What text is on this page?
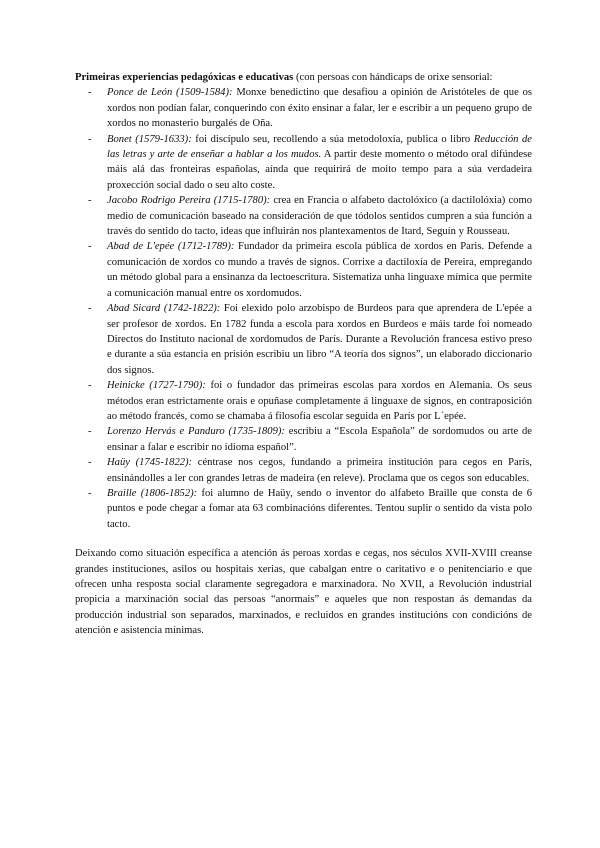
Primeiras experiencias pedagóxicas e educativas (con persoas con hándicaps de orixe sensorial:

- Ponce de León (1509-1584): Monxe benedictino que desafiou a opinión de Aristóteles de que os xordos non podían falar, conquerindo con éxito ensinar a falar, ler e escribir a un pequeno grupo de xordos no monasterio burgalés de Oña.
- Bonet (1579-1633): foi discípulo seu, recollendo a súa metodoloxía, publica o libro Reducción de las letras y arte de enseñar a hablar a los mudos. A partir deste momento o método oral difúndese máis alá das fronteiras españolas, aínda que requirirá de moito tempo para a súa verdadeira proxección social dado o seu alto coste.
- Jacobo Rodrigo Pereira (1715-1780): crea en Francia o alfabeto dactolóxico (a dactilolóxia) como medio de comunicación baseado na consideración de que tódolos sentidos cumpren a súa función a través do sentido do tacto, ideas que influirán nos plantexamentos de Itard, Seguín y Rousseau.
- Abad de L'epée (1712-1789): Fundador da primeira escola pública de xordos en Paris. Defende a comunicación de xordos co mundo a través de signos. Corrixe a dactiloxía de Pereira, empregando un método global para a ensinanza da lectoescritura. Sistematiza unha linguaxe mímica que permite a comunicación manual entre os xordomudos.
- Abad Sicard (1742-1822): Foi elexido polo arzobispo de Burdeos para que aprendera de L'epée a ser profesor de xordos. En 1782 funda a escola para xordos en Burdeos e máis tarde foi nomeado Directos do Instituto nacional de xordomudos de París. Durante a Revolución francesa estivo preso e durante a súa estancia en prisión escribiu un libro “A teoría dos signos”, un elaborado diccionario dos signos.
- Heinicke (1727-1790): foi o fundador das primeiras escolas para xordos en Alemania. Os seus métodos eran estrictamente orais e opuñase completamente á linguaxe de signos, en contraposición ao método francés, como se chamaba á filosofía escolar seguida en París por L´epée.
- Lorenzo Hervás e Panduro (1735-1809): escribiu a “Escola Española” de sordomudos ou arte de ensinar a falar e escribir no idioma español”.
- Haüy (1745-1822): céntrase nos cegos, fundando a primeira institución para cegos en París, ensinándolles a ler con grandes letras de madeira (en releve). Proclama que os cegos son educables.
- Braille (1806-1852): foi alumno de Haüy, sendo o inventor do alfabeto Braille que consta de 6 puntos e pode chegar a fomar ata 63 combinacións diferentes. Tentou suplir o sentido da vista polo tacto.

Deixando como situación específica a atención ás peroas xordas e cegas, nos séculos XVII-XVIII creanse grandes instituciones, asilos ou hospitais xerias, que cabalgan entre o caritativo e o penitenciario e que ofrecen unha resposta social claramente segregadora e marxinadora. No XVII, a Revolución industrial propicia a marxinación social das persoas “anormais” e aqueles que non respostan ás demandas da producción industrial son separados, marxinados, e recluidos en grandes institucións con condicións de atención e asistencia mínimas.
